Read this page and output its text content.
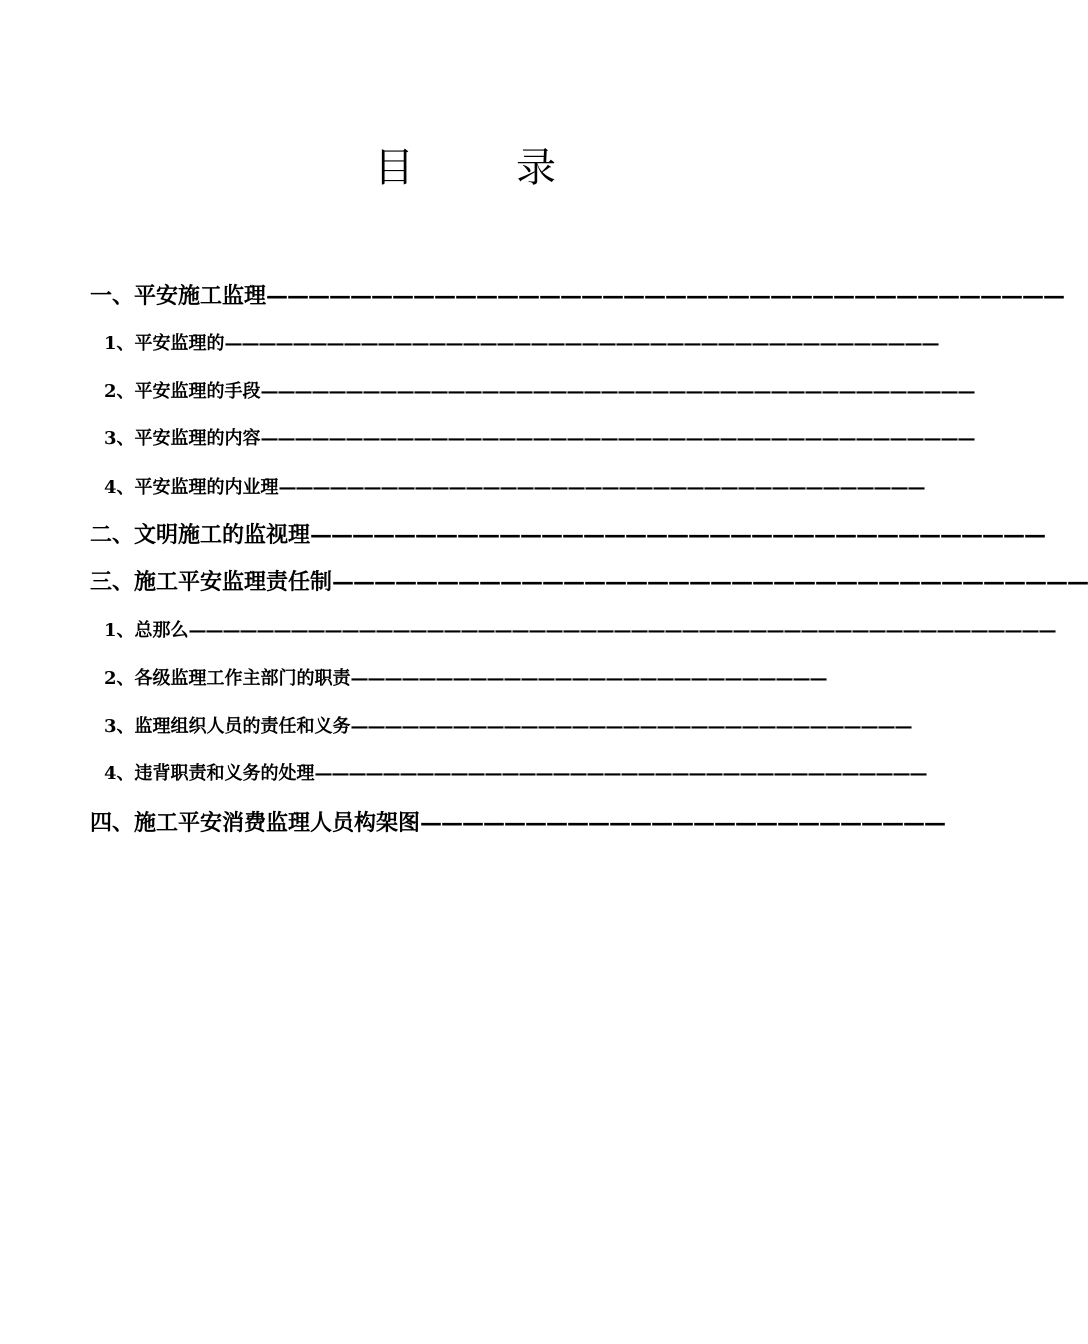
目	录
一、平安施工监理——————————————————————————————————————
1、平安监理的——————————————————————————————————————————
2、平安监理的手段——————————————————————————————————————————
3、平安监理的内容——————————————————————————————————————————
4、平安监理的内业理——————————————————————————————————————
二、文明施工的监视理———————————————————————————————————
三、施工平安监理责任制————————————————————————————————————
1、总那么———————————————————————————————————————————————————
2、各级监理工作主部门的职责————————————————————————————
3、监理组织人员的责任和义务—————————————————————————————————
4、违背职责和义务的处理————————————————————————————————————
四、施工平安消费监理人员构架图—————————————————————————
